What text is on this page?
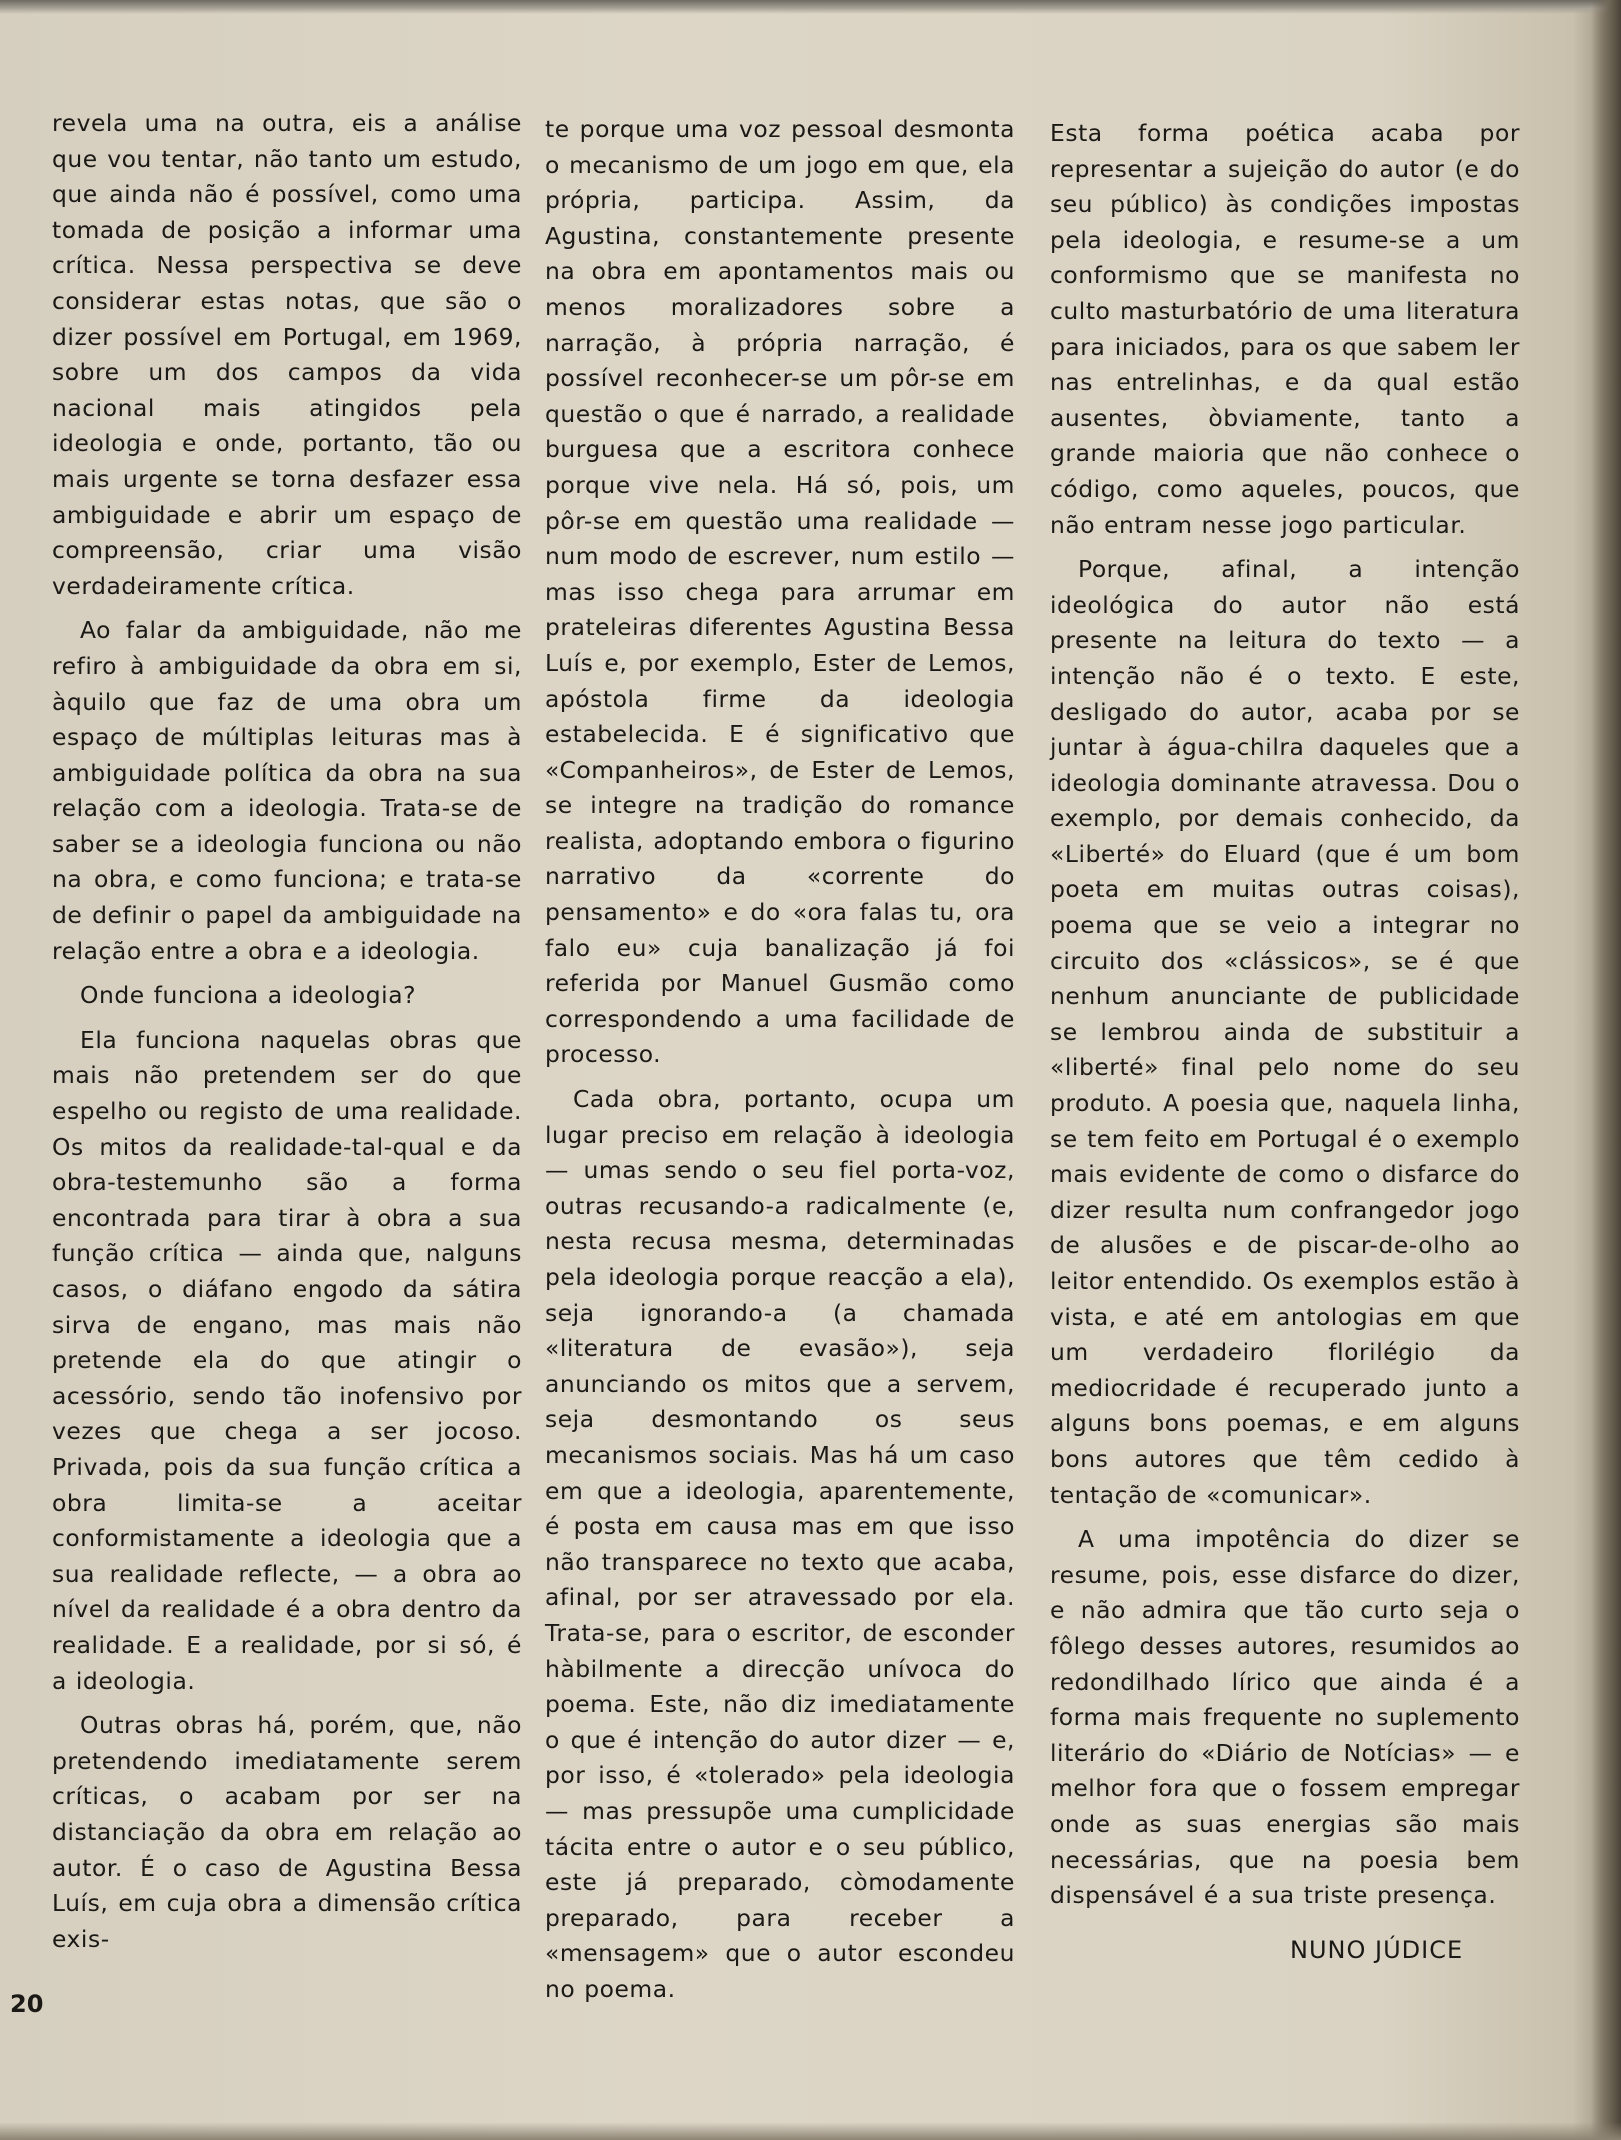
revela uma na outra, eis a análise que vou tentar, não tanto um estudo, que ainda não é possível, como uma tomada de posição a informar uma crítica. Nessa perspectiva se deve considerar estas notas, que são o dizer possível em Portugal, em 1969, sobre um dos campos da vida nacional mais atingidos pela ideologia e onde, portanto, tão ou mais urgente se torna desfazer essa ambiguidade e abrir um espaço de compreensão, criar uma visão verdadeiramente crítica.

Ao falar da ambiguidade, não me refiro à ambiguidade da obra em si, àquilo que faz de uma obra um espaço de múltiplas leituras mas à ambiguidade política da obra na sua relação com a ideologia. Trata-se de saber se a ideologia funciona ou não na obra, e como funciona; e trata-se de definir o papel da ambiguidade na relação entre a obra e a ideologia.

Onde funciona a ideologia?

Ela funciona naquelas obras que mais não pretendem ser do que espelho ou registo de uma realidade. Os mitos da realidade-tal-qual e da obra-testemunho são a forma encontrada para tirar à obra a sua função crítica — ainda que, nalguns casos, o diáfano engodo da sátira sirva de engano, mas mais não pretende ela do que atingir o acessório, sendo tão inofensivo por vezes que chega a ser jocoso. Privada, pois da sua função crítica a obra limita-se a aceitar conformistamente a ideologia que a sua realidade reflecte, — a obra ao nível da realidade é a obra dentro da realidade. E a realidade, por si só, é a ideologia.

Outras obras há, porém, que, não pretendendo imediatamente serem críticas, o acabam por ser na distanciação da obra em relação ao autor. É o caso de Agustina Bessa Luís, em cuja obra a dimensão crítica exis-

te porque uma voz pessoal desmonta o mecanismo de um jogo em que, ela própria, participa. Assim, da Agustina, constantemente presente na obra em apontamentos mais ou menos moralizadores sobre a narração, à própria narração, é possível reconhecer-se um pôr-se em questão o que é narrado, a realidade burguesa que a escritora conhece porque vive nela. Há só, pois, um pôr-se em questão uma realidade — num modo de escrever, num estilo — mas isso chega para arrumar em prateleiras diferentes Agustina Bessa Luís e, por exemplo, Ester de Lemos, apóstola firme da ideologia estabelecida. E é significativo que «Companheiros», de Ester de Lemos, se integre na tradição do romance realista, adoptando embora o figurino narrativo da «corrente do pensamento» e do «ora falas tu, ora falo eu» cuja banalização já foi referida por Manuel Gusmão como correspondendo a uma facilidade de processo.

Cada obra, portanto, ocupa um lugar preciso em relação à ideologia — umas sendo o seu fiel porta-voz, outras recusando-a radicalmente (e, nesta recusa mesma, determinadas pela ideologia porque reacção a ela), seja ignorando-a (a chamada «literatura de evasão»), seja anunciando os mitos que a servem, seja desmontando os seus mecanismos sociais. Mas há um caso em que a ideologia, aparentemente, é posta em causa mas em que isso não transparece no texto que acaba, afinal, por ser atravessado por ela. Trata-se, para o escritor, de esconder hàbilmente a direcção unívoca do poema. Este, não diz imediatamente o que é intenção do autor dizer — e, por isso, é «tolerado» pela ideologia — mas pressupõe uma cumplicidade tácita entre o autor e o seu público, este já preparado, còmodamente preparado, para receber a «mensagem» que o autor escondeu no poema.

Esta forma poética acaba por representar a sujeição do autor (e do seu público) às condições impostas pela ideologia, e resume-se a um conformismo que se manifesta no culto masturbatório de uma literatura para iniciados, para os que sabem ler nas entrelinhas, e da qual estão ausentes, òbviamente, tanto a grande maioria que não conhece o código, como aqueles, poucos, que não entram nesse jogo particular.

Porque, afinal, a intenção ideológica do autor não está presente na leitura do texto — a intenção não é o texto. E este, desligado do autor, acaba por se juntar à água-chilra daqueles que a ideologia dominante atravessa. Dou o exemplo, por demais conhecido, da «Liberté» do Eluard (que é um bom poeta em muitas outras coisas), poema que se veio a integrar no circuito dos «clássicos», se é que nenhum anunciante de publicidade se lembrou ainda de substituir a «liberté» final pelo nome do seu produto. A poesia que, naquela linha, se tem feito em Portugal é o exemplo mais evidente de como o disfarce do dizer resulta num confrangedor jogo de alusões e de piscar-de-olho ao leitor entendido. Os exemplos estão à vista, e até em antologias em que um verdadeiro florilégio da mediocridade é recuperado junto a alguns bons poemas, e em alguns bons autores que têm cedido à tentação de «comunicar».

A uma impotência do dizer se resume, pois, esse disfarce do dizer, e não admira que tão curto seja o fôlego desses autores, resumidos ao redondilhado lírico que ainda é a forma mais frequente no suplemento literário do «Diário de Notícias» — e melhor fora que o fossem empregar onde as suas energias são mais necessárias, que na poesia bem dispensável é a sua triste presença.

NUNO JÚDICE
20
